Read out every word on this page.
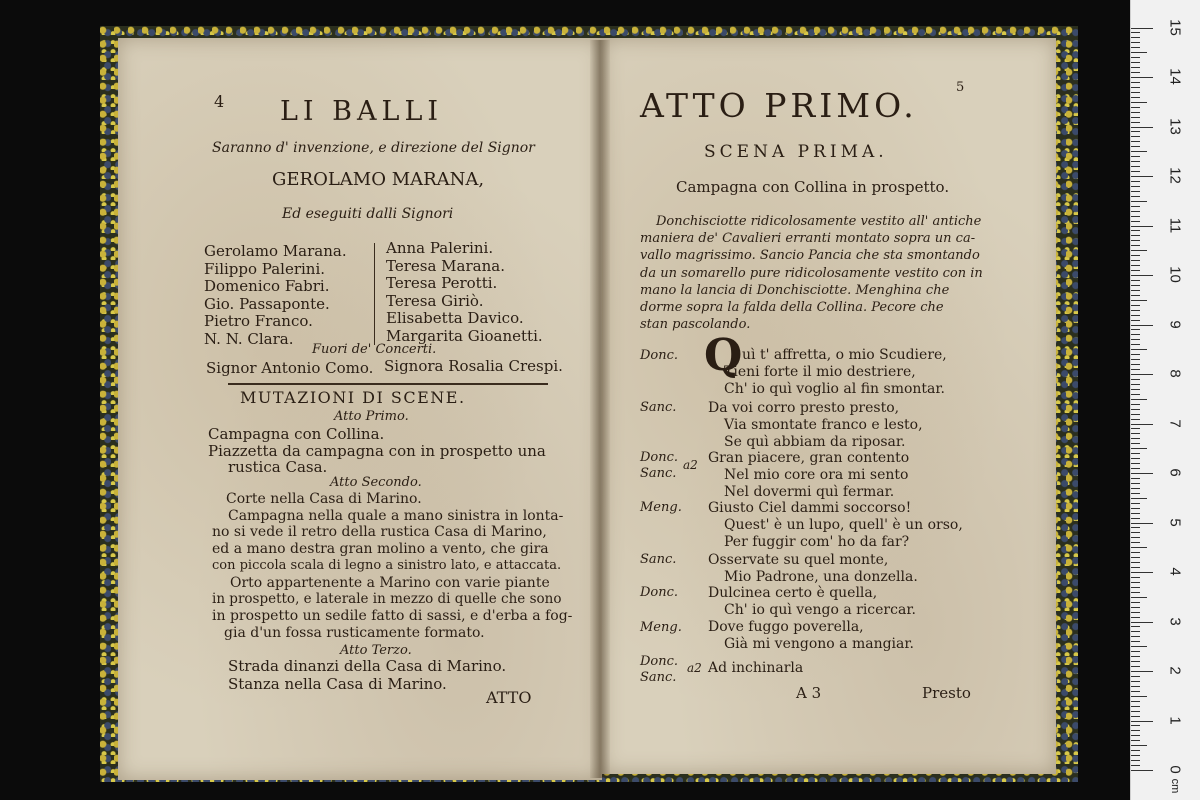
4 LI BALLI
Saranno d' invenzione, e direzione del Signor
GEROLAMO MARANA,
Ed eseguiti dalli Signori
Gerolamo Marana.
Filippo Palerini.
Domenico Fabri.
Gio. Passaponte.
Pietro Franco.
N. N. Clara.
Anna Palerini.
Teresa Marana.
Teresa Perotti.
Teresa Giriò.
Elisabetta Davico.
Margarita Gioanetti.
Fuori de' Concerti.
Signor Antonio Como. Signora Rosalia Crespi.
MUTAZIONI DI SCENE.
Atto Primo.
Campagna con Collina.
Piazzetta da campagna con in prospetto una
rustica Casa.
Atto Secondo.
Corte nella Casa di Marino.
Campagna nella quale a mano sinistra in lonta-
no si vede il retro della rustica Casa di Marino,
ed a mano destra gran molino a vento, che gira
con piccola scala di legno a sinistro lato, e attaccata.
Orto appartenente a Marino con varie piante
in prospetto, e laterale in mezzo di quelle che sono
in prospetto un sedile fatto di sassi, e d'erba a fog-
gia d'un fossa rusticamente formato.
Atto Terzo.
Strada dinanzi della Casa di Marino.
Stanza nella Casa di Marino.
ATTO
5
ATTO PRIMO.
SCENA PRIMA.
Campagna con Collina in prospetto.
Donchisciotte ridicolosamente vestito all' antiche
maniera de' Cavalieri erranti montato sopra un ca-
vallo magrissimo. Sancio Pancia che sta smontando
da un somarello pure ridicolosamente vestito con in
mano la lancia di Donchisciotte. Menghina che
dorme sopra la falda della Collina. Pecore che
stan pascolando.
Q
Donc.	uì t' affretta, o mio Scudiere,
Tieni forte il mio destriere,
Ch' io quì voglio al fin smontar.
Sanc. Da voi corro presto presto,
Via smontate franco e lesto,
Se quì abbiam da riposar.
Donc.
Sanc.
a2 Gran piacere, gran contento
Nel mio core ora mi sento
Nel dovermi quì fermar.
Meng. Giusto Ciel dammi soccorso!
Quest' è un lupo, quell' è un orso,
Per fuggir com' ho da far?
Sanc. Osservate su quel monte,
Mio Padrone, una donzella.
Donc. Dulcinea certo è quella,
Ch' io quì vengo a ricercar.
Meng. Dove fuggo poverella,
Già mi vengono a mangiar.
Donc.
Sanc.
a2 Ad inchinarla
A 3	Presto
0
1
2
3
4
5
6
7
8
9
10
11
12
13
14
15
cm
